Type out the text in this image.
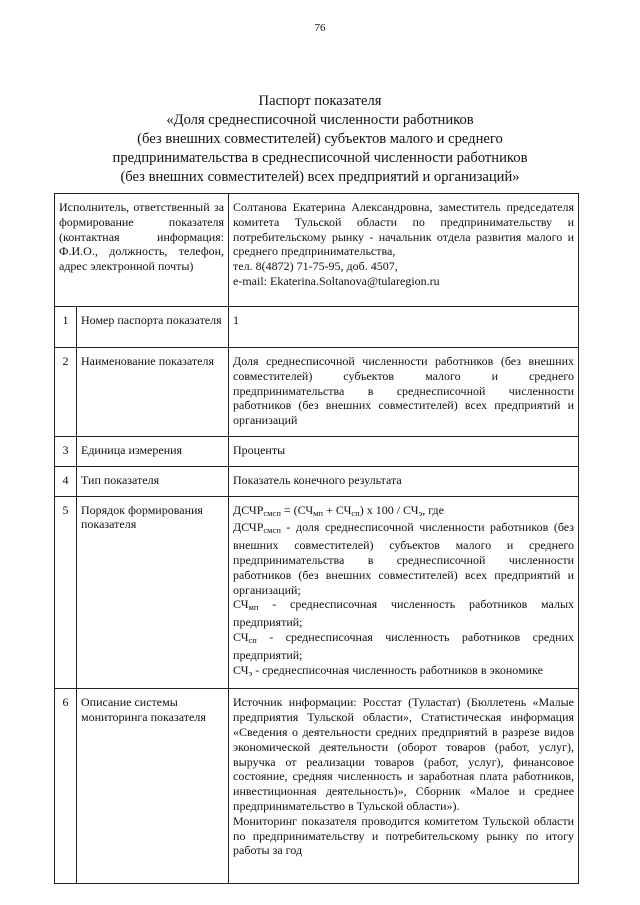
76
Паспорт показателя
«Доля среднесписочной численности работников
(без внешних совместителей) субъектов малого и среднего
предпринимательства в среднесписочной численности работников
(без внешних совместителей) всех предприятий и организаций»
Исполнитель, ответственный за формирование показателя (контактная информация: Ф.И.О., должность, телефон, адрес электронной почты)		Солтанова Екатерина Александровна, заместитель председателя комитета Тульской области по предпринимательству и потребительскому рынку - начальник отдела развития малого и среднего предпринимательства,
тел. 8(4872) 71-75-95, доб. 4507,
e-mail: Ekaterina.Soltanova@tularegion.ru

1	Номер паспорта показателя	1
2	Наименование показателя	Доля среднесписочной численности работников (без внешних совместителей) субъектов малого и среднего предпринимательства в среднесписочной численности работников (без внешних совместителей) всех предприятий и организаций
3	Единица измерения	Проценты
4	Тип показателя	Показатель конечного результата
5	Порядок формирования показателя	$ДСЧР_{смсп} = (СЧ_{мп} + СЧ_{сп})$ х $100 / СЧ_э$, где
$ДСЧР_{смсп}$ - доля среднесписочной численности работников (без внешних совместителей) субъектов малого и среднего предпринимательства в среднесписочной численности работников (без внешних совместителей) всех предприятий и организаций;
$СЧ_{мп}$ - среднесписочная численность работников малых предприятий;
$СЧ_{сп}$ - среднесписочная численность работников средних предприятий;
$СЧ_э$ - среднесписочная численность работников в экономике

6	Описание системы мониторинга показателя	Источник информации: Росстат (Туластат) (Бюллетень «Малые предприятия Тульской области», Статистическая информация «Сведения о деятельности средних предприятий в разрезе видов экономической деятельности (оборот товаров (работ, услуг), выручка от реализации товаров (работ, услуг), финансовое состояние, средняя численность и заработная плата работников, инвестиционная деятельность)», Сборник «Малое и среднее предпринимательство в Тульской области»).
Мониторинг показателя проводится комитетом Тульской области по предпринимательству и потребительскому рынку по итогу работы за год
